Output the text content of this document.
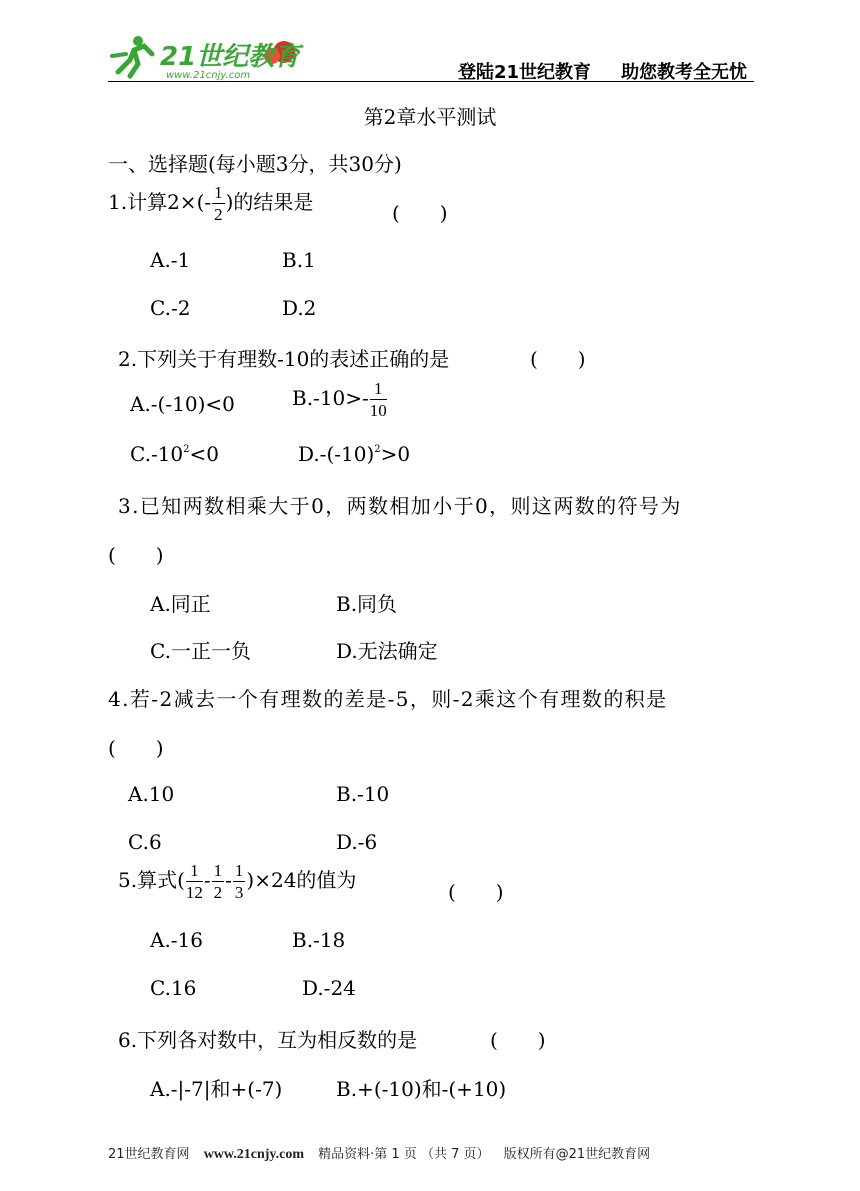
21世纪教育
www.21cnjy.com	登陆21世纪教育 助您教考全无忧
第2章水平测试
一、选择题(每小题3分，共30分)
1.计算$2\times(- \frac{1}{2}$ )的结果是	(　　)
A.-1	B.1
C.-2	D.2
2.下列关于有理数-10的表述正确的是	(　　)
A.-(-10)<0	$B.-10>- \frac{1}{10}$
$C.-10^2<0$	$D.-(-10)^2>0$
3.已知两数相乘大于0，两数相加小于0，则这两数的符号为
(　　)
A.同正	B.同负
C.一正一负	D.无法确定
4.若-2减去一个有理数的差是-5，则-2乘这个有理数的积是
(　　)
A.10	B.-10
C.6	D.-6
5.算式( $\frac{1}{12} - \frac{1}{2} - \frac{1}{3} )\times 24$的值为	(　　)
A.-16	B.-18
C.16	D.-24
6.下列各对数中，互为相反数的是	(　　)
A.-|-7|和+(-7)	B.+(-10)和-(+10)
21世纪教育网 www.21cnjy.com 精品资料·第 1 页 （共 7 页） 版权所有@21世纪教育网
